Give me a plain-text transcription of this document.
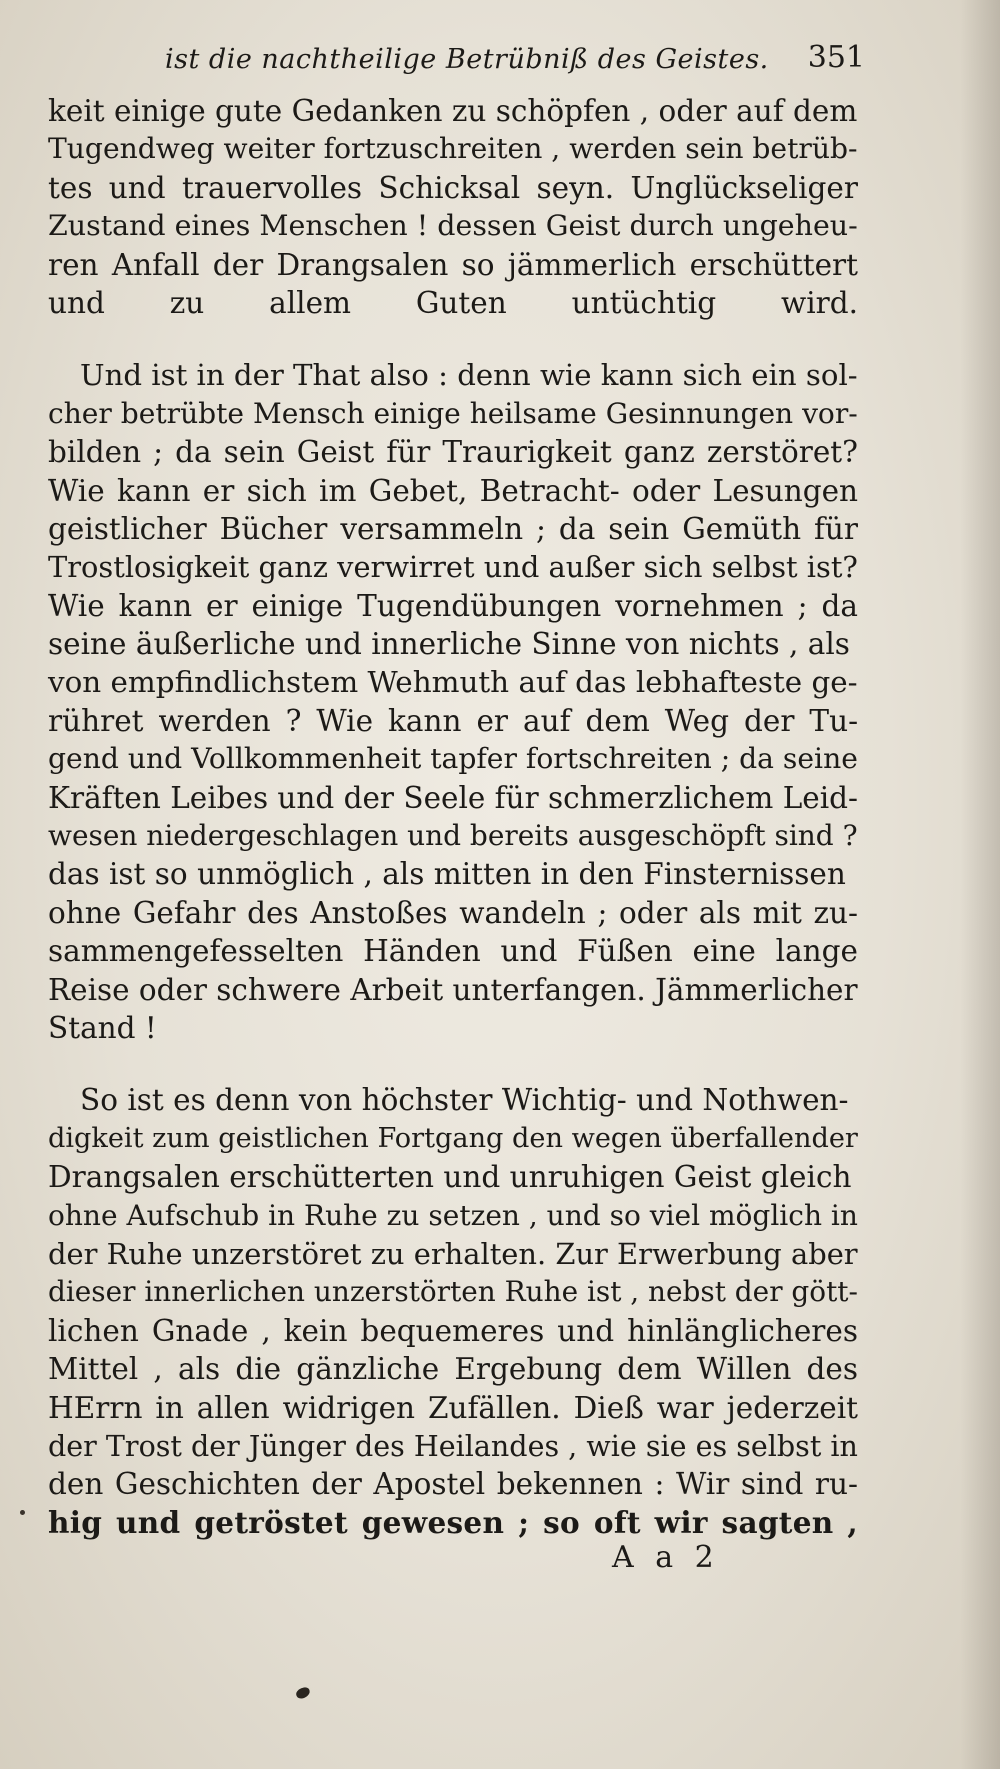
ist die nachtheilige Betrübniß des Geistes. 351
keit einige gute Gedanken zu schöpfen , oder auf dem
Tugendweg weiter fortzuschreiten , werden sein betrüb-
tes und trauervolles Schicksal seyn. Unglückseliger
Zustand eines Menschen ! dessen Geist durch ungeheu-
ren Anfall der Drangsalen so jämmerlich erschüttert
und zu allem Guten untüchtig wird.
Und ist in der That also : denn wie kann sich ein sol-
cher betrübte Mensch einige heilsame Gesinnungen vor-
bilden ; da sein Geist für Traurigkeit ganz zerstöret?
Wie kann er sich im Gebet, Betracht- oder Lesungen
geistlicher Bücher versammeln ; da sein Gemüth für
Trostlosigkeit ganz verwirret und außer sich selbst ist?
Wie kann er einige Tugendübungen vornehmen ; da
seine äußerliche und innerliche Sinne von nichts , als
von empfindlichstem Wehmuth auf das lebhafteste ge-
rühret werden ? Wie kann er auf dem Weg der Tu-
gend und Vollkommenheit tapfer fortschreiten ; da seine
Kräften Leibes und der Seele für schmerzlichem Leid-
wesen niedergeschlagen und bereits ausgeschöpft sind ?
das ist so unmöglich , als mitten in den Finsternissen
ohne Gefahr des Anstoßes wandeln ; oder als mit zu-
sammengefesselten Händen und Füßen eine lange
Reise oder schwere Arbeit unterfangen. Jämmerlicher
Stand !
So ist es denn von höchster Wichtig- und Nothwen-
digkeit zum geistlichen Fortgang den wegen überfallender
Drangsalen erschütterten und unruhigen Geist gleich
ohne Aufschub in Ruhe zu setzen , und so viel möglich in
der Ruhe unzerstöret zu erhalten. Zur Erwerbung aber
dieser innerlichen unzerstörten Ruhe ist , nebst der gött-
lichen Gnade , kein bequemeres und hinlänglicheres
Mittel , als die gänzliche Ergebung dem Willen des
HErrn in allen widrigen Zufällen. Dieß war jederzeit
der Trost der Jünger des Heilandes , wie sie es selbst in
den Geschichten der Apostel bekennen : Wir sind ru-
hig und getröstet gewesen ; so oft wir sagten ,
A a 2
